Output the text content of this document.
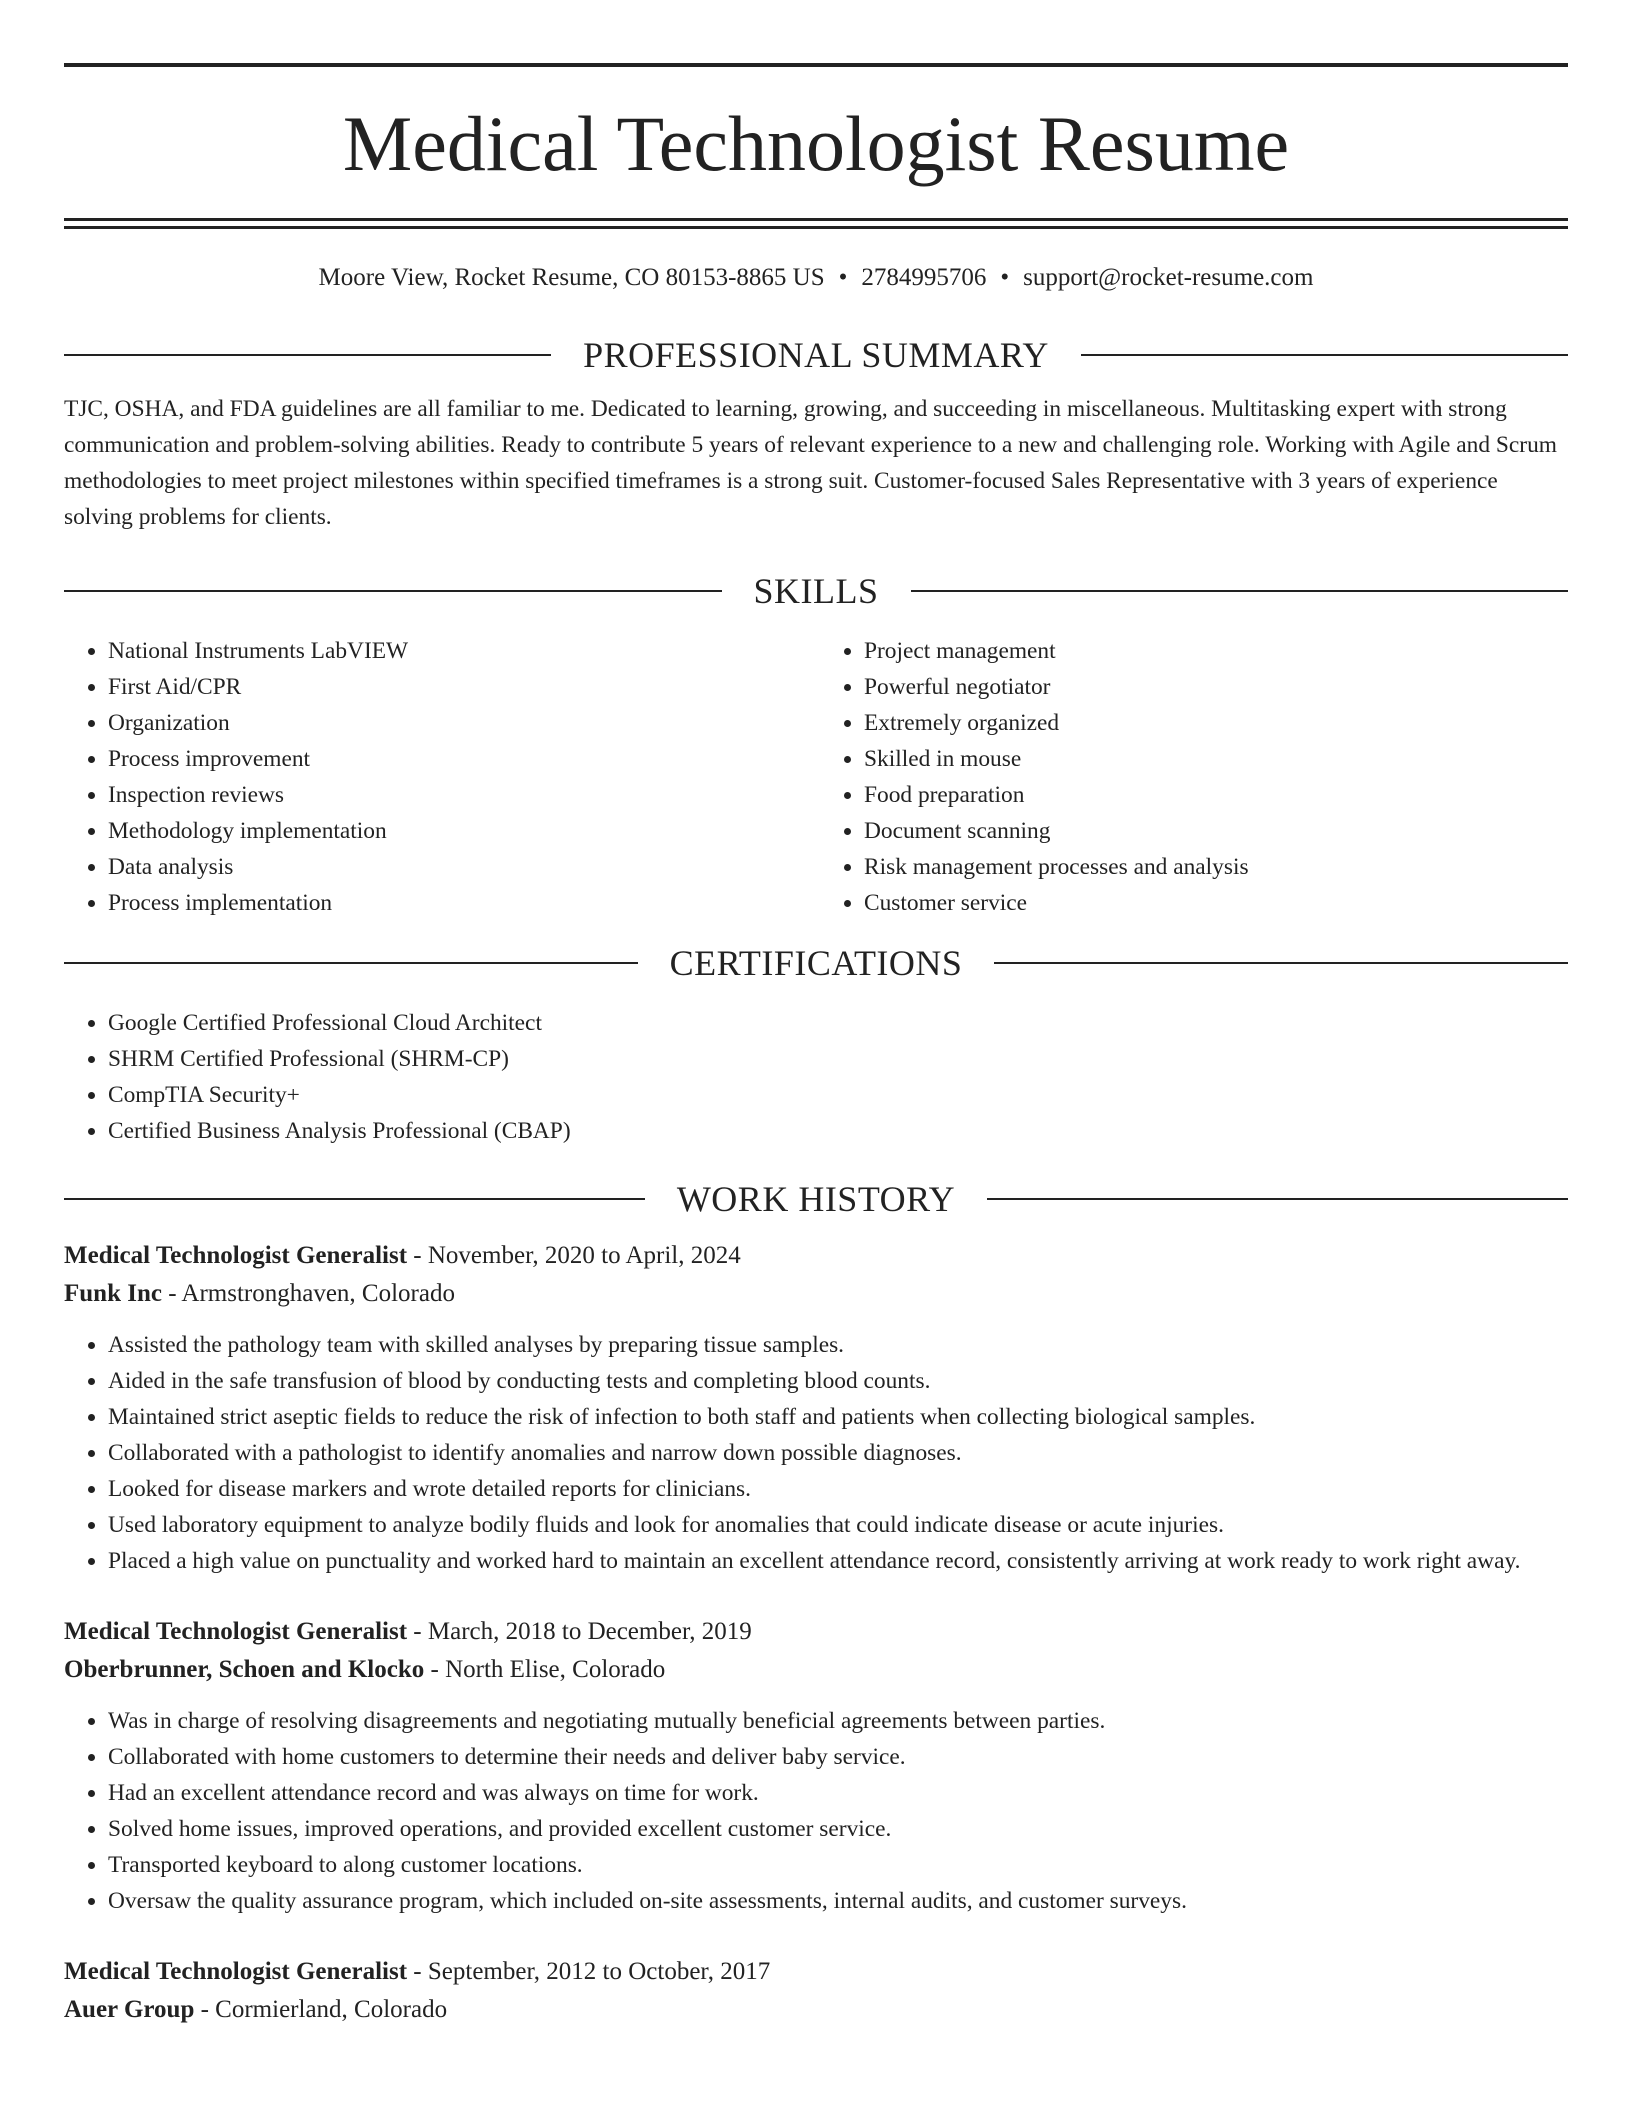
Medical Technologist Resume
Moore View, Rocket Resume, CO 80153-8865 US • 2784995706 • support@rocket-resume.com
PROFESSIONAL SUMMARY
TJC, OSHA, and FDA guidelines are all familiar to me. Dedicated to learning, growing, and succeeding in miscellaneous. Multitasking expert with strong communication and problem-solving abilities. Ready to contribute 5 years of relevant experience to a new and challenging role. Working with Agile and Scrum methodologies to meet project milestones within specified timeframes is a strong suit. Customer-focused Sales Representative with 3 years of experience solving problems for clients.
SKILLS
• National Instruments LabVIEW
• First Aid/CPR
• Organization
• Process improvement
• Inspection reviews
• Methodology implementation
• Data analysis
• Process implementation
• Project management
• Powerful negotiator
• Extremely organized
• Skilled in mouse
• Food preparation
• Document scanning
• Risk management processes and analysis
• Customer service
CERTIFICATIONS
• Google Certified Professional Cloud Architect
• SHRM Certified Professional (SHRM-CP)
• CompTIA Security+
• Certified Business Analysis Professional (CBAP)
WORK HISTORY
Medical Technologist Generalist - November, 2020 to April, 2024
Funk Inc - Armstronghaven, Colorado
• Assisted the pathology team with skilled analyses by preparing tissue samples.
• Aided in the safe transfusion of blood by conducting tests and completing blood counts.
• Maintained strict aseptic fields to reduce the risk of infection to both staff and patients when collecting biological samples.
• Collaborated with a pathologist to identify anomalies and narrow down possible diagnoses.
• Looked for disease markers and wrote detailed reports for clinicians.
• Used laboratory equipment to analyze bodily fluids and look for anomalies that could indicate disease or acute injuries.
• Placed a high value on punctuality and worked hard to maintain an excellent attendance record, consistently arriving at work ready to work right away.
Medical Technologist Generalist - March, 2018 to December, 2019
Oberbrunner, Schoen and Klocko - North Elise, Colorado
• Was in charge of resolving disagreements and negotiating mutually beneficial agreements between parties.
• Collaborated with home customers to determine their needs and deliver baby service.
• Had an excellent attendance record and was always on time for work.
• Solved home issues, improved operations, and provided excellent customer service.
• Transported keyboard to along customer locations.
• Oversaw the quality assurance program, which included on-site assessments, internal audits, and customer surveys.
Medical Technologist Generalist - September, 2012 to October, 2017
Auer Group - Cormierland, Colorado
